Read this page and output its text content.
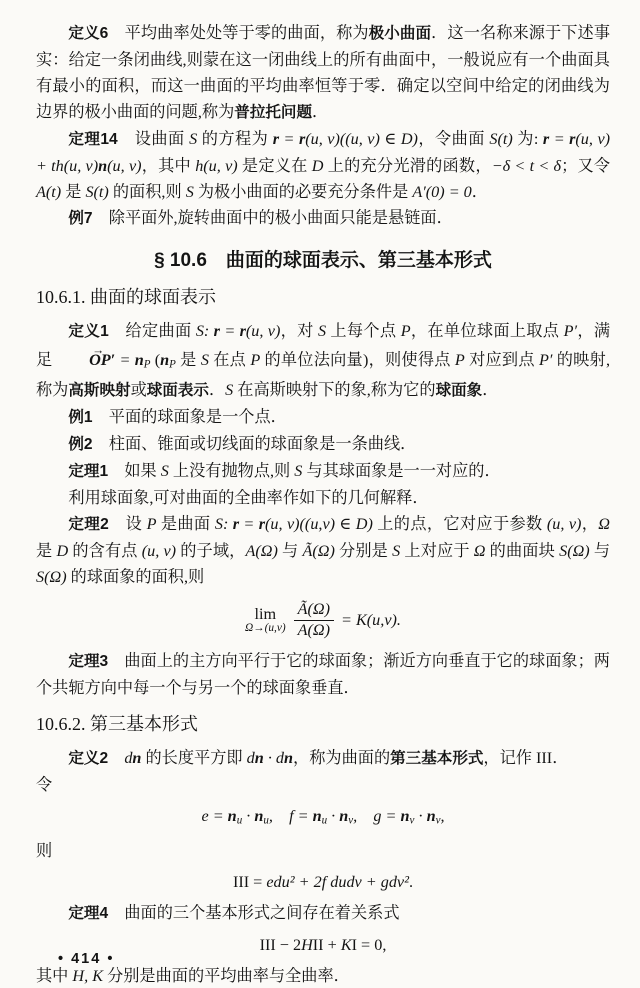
定义6　平均曲率处处等于零的曲面，称为极小曲面．这一名称来源于下述事实：给定一条闭曲线,则蒙在这一闭曲线上的所有曲面中，一般说应有一个曲面具有最小的面积，而这一曲面的平均曲率恒等于零．确定以空间中给定的闭曲线为边界的极小曲面的问题,称为普拉托问题．

定理14　设曲面 S 的方程为 r = r(u, v)((u, v) ∈ D)，令曲面 S(t) 为: r = r(u, v) + th(u, v)n(u, v)，其中 h(u, v) 是定义在 D 上的充分光滑的函数，−δ < t < δ；又令 A(t) 是 S(t) 的面积,则 S 为极小曲面的必要充分条件是 A′(0) = 0．

例7　除平面外,旋转曲面中的极小曲面只能是悬链面．

§ 10.6　曲面的球面表示、第三基本形式

10.6.1. 曲面的球面表示

定义1　给定曲面 S: r = r(u, v)，对 S 上每个点 P，在单位球面上取点 P′，满足 OP′ → = nP (nP 是 S 在点 P 的单位法向量)，则使得点 P 对应到点 P′ 的映射,称为高斯映射或球面表示．S 在高斯映射下的象,称为它的球面象．

例1　平面的球面象是一个点．

例2　柱面、锥面或切线面的球面象是一条曲线．

定理1　如果 S 上没有抛物点,则 S 与其球面象是一一对应的．

利用球面象,可对曲面的全曲率作如下的几何解释．

定理2　设 P 是曲面 S: r = r(u, v)((u,v) ∈ D) 上的点，它对应于参数 (u, v)，Ω 是 D 的含有点 (u, v) 的子域，A(Ω) 与 Ã(Ω) 分别是 S 上对应于 Ω 的曲面块 S(Ω) 与 S(Ω) 的球面象的面积,则

lim
$\Omega\to(u,v) \frac{Ã(\Omega)}{A(\Omega)} = K(u,v)$.

定理3　曲面上的主方向平行于它的球面象；渐近方向垂直于它的球面象；两个共轭方向中每一个与另一个的球面象垂直．

10.6.2. 第三基本形式

定义2　 dn 的长度平方即 dn · dn，称为曲面的第三基本形式，记作 III．

令

e = nu · nu,　f = nu · nv,　g = nv · nv,

则

III = edu² + 2f dudv + gdv².

定理4　曲面的三个基本形式之间存在着关系式

III − 2HII + KI = 0,

其中 H, K 分别是曲面的平均曲率与全曲率．

• 414 •
